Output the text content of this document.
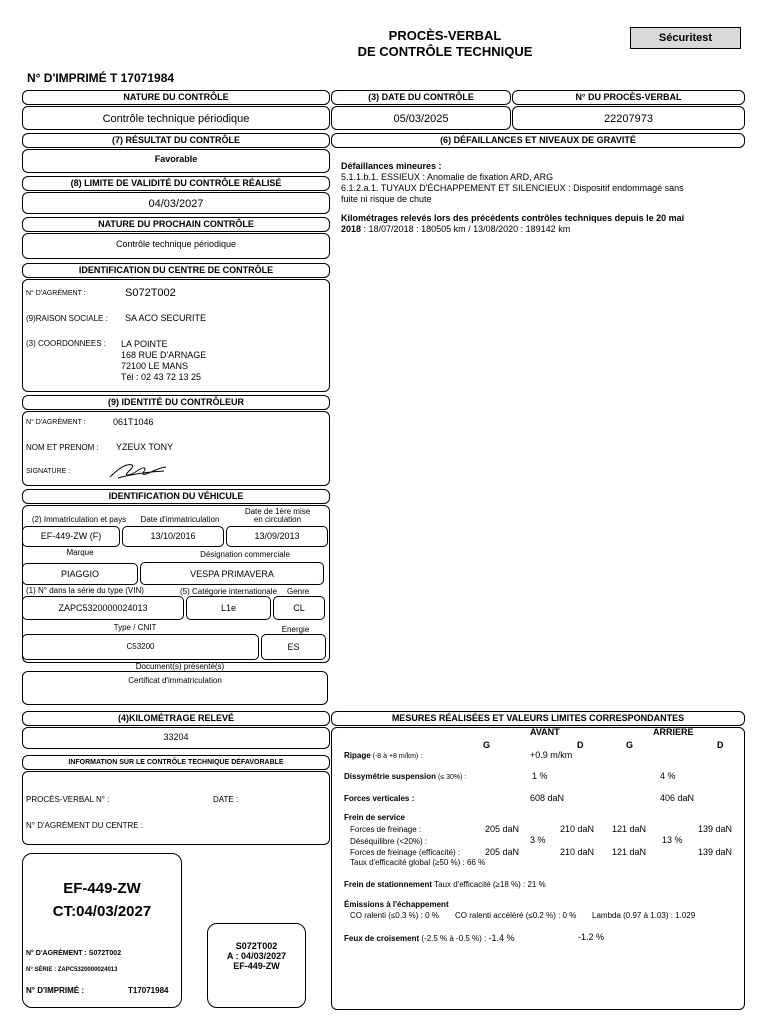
PROCÈS-VERBAL
DE CONTRÔLE TECHNIQUE
Sécuritest
N° D'IMPRIMÉ T 17071984
NATURE DU CONTRÔLE
Contrôle technique périodique
(3) DATE DU CONTRÔLE
05/03/2025
N° DU PROCÈS-VERBAL
22207973
(7) RÉSULTAT DU CONTRÔLE
Favorable
(6) DÉFAILLANCES ET NIVEAUX DE GRAVITÉ
Défaillances mineures :
5.1.1.b.1. ESSIEUX : Anomalie de fixation ARD, ARG
6.1.2.a.1. TUYAUX D'ÉCHAPPEMENT ET SILENCIEUX : Dispositif endommagé sans
fuite ni risque de chute
Kilométrages relevés lors des précédents contrôles techniques depuis le 20 mai
2018 : 18/07/2018 : 180505 km / 13/08/2020 : 189142 km
(8) LIMITE DE VALIDITÉ DU CONTRÔLE RÉALISÉ
04/03/2027
NATURE DU PROCHAIN CONTRÔLE
Contrôle technique périodique
IDENTIFICATION DU CENTRE DE CONTRÔLE
N° D'AGRÉMENT :	S072T002
(9)RAISON SOCIALE : SA ACO SECURITE
(3) COORDONNEES : LA POINTE
168 RUE D'ARNAGE
72100 LE MANS
Tél : 02 43 72 13 25
(9) IDENTITÉ DU CONTRÔLEUR
N° D'AGRÉMENT :	061T1046
NOM ET PRENOM : YZEUX TONY
SIGNATURE :
IDENTIFICATION DU VÉHICULE
(2) Immatriculation et pays	Date d'immatriculation
Date de 1ère mise
en circulation
EF-449-ZW (F)	13/10/2016	13/09/2013
Marque	Désignation commerciale
PIAGGIO	VESPA PRIMAVERA
(1) N° dans la série du type (VIN)	(5) Catégorie internationale Genre
ZAPC5320000024013	L1e	CL
Type / CNIT	Energie
C53200	ES
Document(s) présenté(s)
Certificat d'immatriculation
(4)KILOMÉTRAGE RELEVÉ
33204
INFORMATION SUR LE CONTRÔLE TECHNIQUE DÉFAVORABLE
PROCÈS-VERBAL N° :	DATE :
N° D'AGRÉMENT DU CENTRE :
EF-449-ZW
CT:04/03/2027
N° D'AGRÉMENT : S072T002
N° SÉRIE : ZAPC5320000024013
N° D'IMPRIMÉ :	T17071984
S072T002
A : 04/03/2027
EF-449-ZW
MESURES RÉALISÉES ET VALEURS LIMITES CORRESPONDANTES
AVANT	ARRIERE
G	D	G	D
Ripage (-8 à +8 m/km) :	+0.9 m/km
Dissymétrie suspension (≤ 30%) :	1 %	4 %
Forces verticales :	608 daN	406 daN
Frein de service
Forces de freinage :	205 daN	210 daN 121 daN	139 daN
Déséquilibre (<20%) :	3 %	13 %
Forces de freinage (efficacité) :	205 daN	210 daN 121 daN	139 daN
Taux d'efficacité global (≥50 %) : 66 %
Frein de stationnement Taux d'efficacité (≥18 %) : 21 %
Émissions à l'échappement
CO ralenti (≤0.3 %) : 0 % CO ralenti accéléré (≤0.2 %) : 0 % Lambda (0.97 à 1.03) : 1.029
Feux de croisement (-2.5 % à -0.5 %) : -1.4 %	-1.2 %
